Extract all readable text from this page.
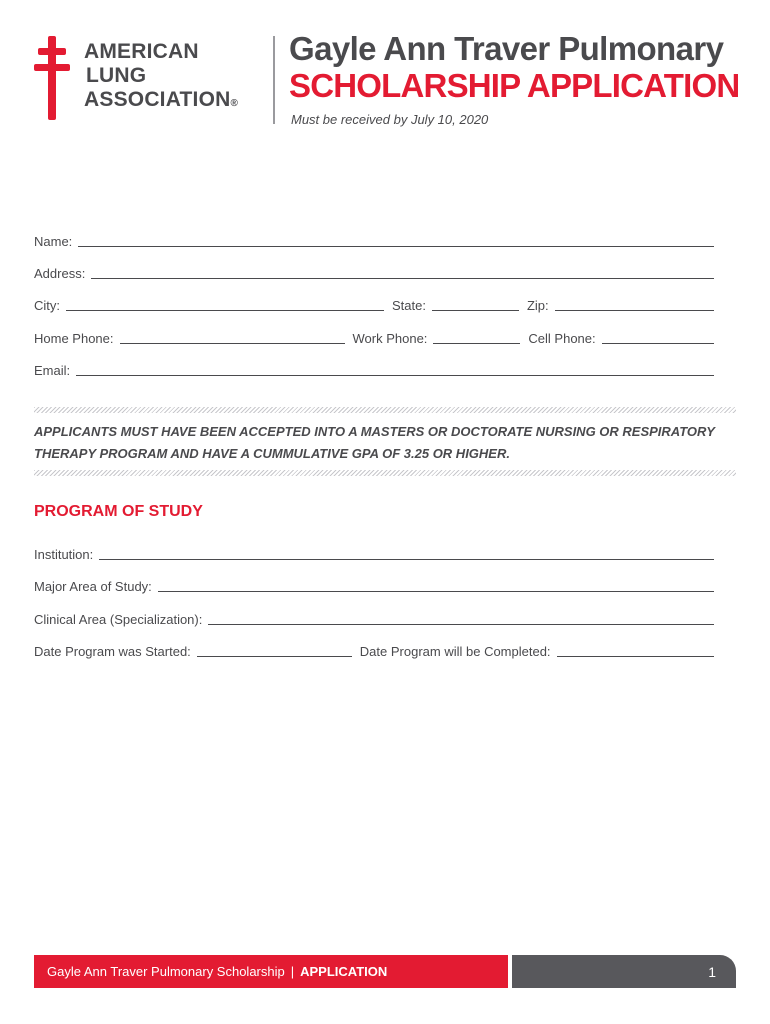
AMERICAN
LUNG
ASSOCIATION®
Gayle Ann Traver Pulmonary
SCHOLARSHIP APPLICATION
Must be received by July 10, 2020
Name:
Address:
City:	State:	Zip:
Home Phone:	Work Phone:	Cell Phone:
Email:
APPLICANTS MUST HAVE BEEN ACCEPTED INTO A MASTERS OR DOCTORATE NURSING OR RESPIRATORY THERAPY PROGRAM AND HAVE A CUMMULATIVE GPA OF 3.25 OR HIGHER.
PROGRAM OF STUDY
Institution:
Major Area of Study:
Clinical Area (Specialization):
Date Program was Started:	Date Program will be Completed:
Gayle Ann Traver Pulmonary Scholarship | APPLICATION	1
